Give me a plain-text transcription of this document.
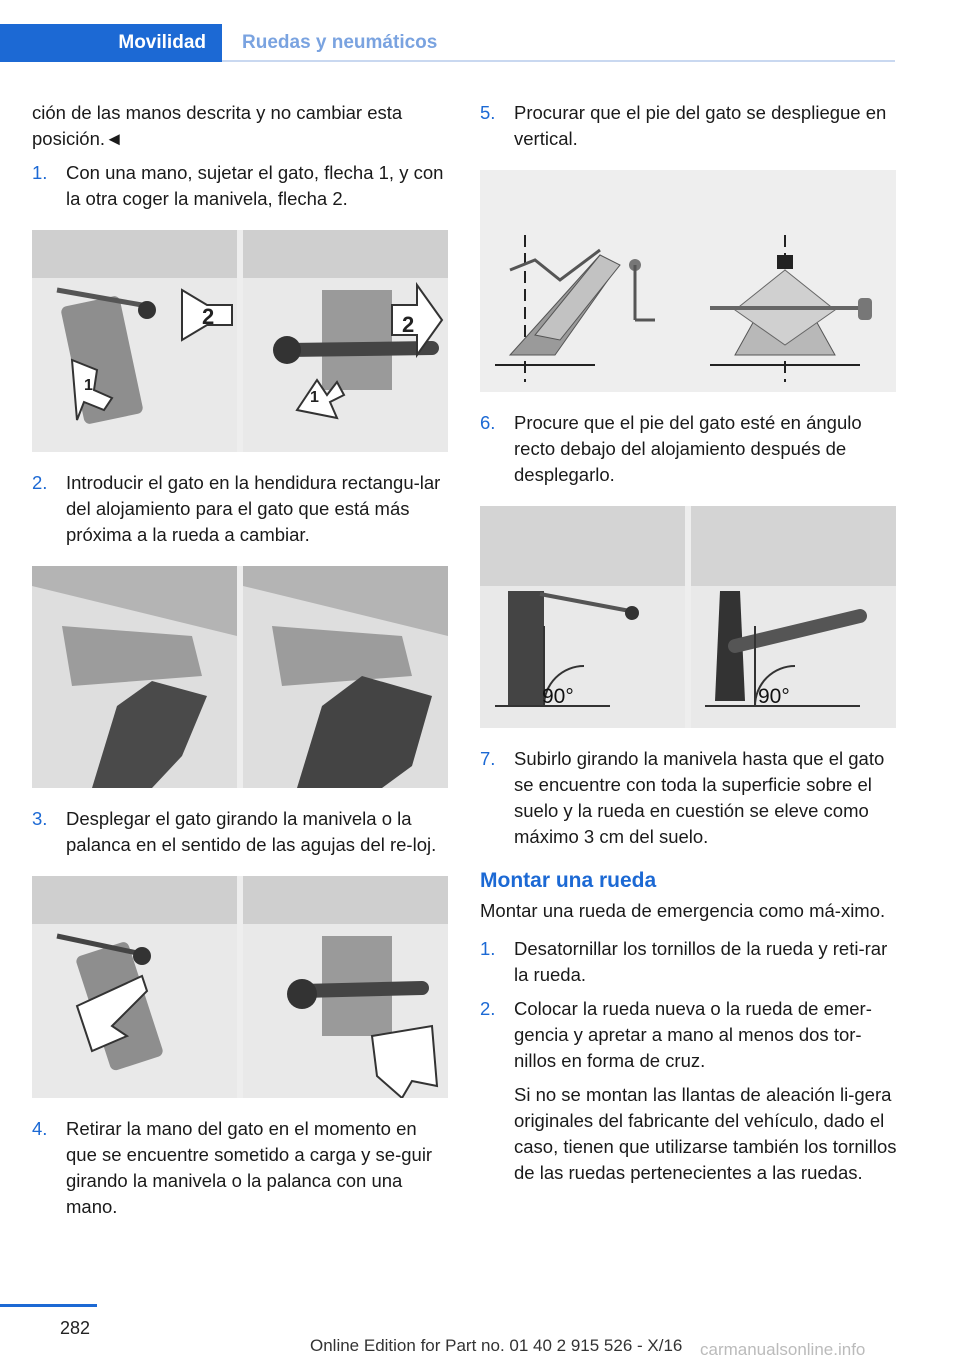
Movilidad	Ruedas y neumáticos

ción de las manos descrita y no cambiar esta posición.◄

1. Con una mano, sujetar el gato, flecha 1, y con la otra coger la manivela, flecha 2.

2
1
2
1
2. Introducir el gato en la hendidura rectangu‐lar del alojamiento para el gato que está más próxima a la rueda a cambiar.

3. Desplegar el gato girando la manivela o la palanca en el sentido de las agujas del re‐loj.

4. Retirar la mano del gato en el momento en que se encuentre sometido a carga y se‐guir girando la manivela o la palanca con una mano.

5. Procurar que el pie del gato se despliegue en vertical.

6. Procure que el pie del gato esté en ángulo recto debajo del alojamiento después de desplegarlo.

90°	90°
7. Subirlo girando la manivela hasta que el gato se encuentre con toda la superficie sobre el suelo y la rueda en cuestión se eleve como máximo 3 cm del suelo.

Montar una rueda

Montar una rueda de emergencia como má‐ximo.

1. Desatornillar los tornillos de la rueda y reti‐rar la rueda.

2. Colocar la rueda nueva o la rueda de emer‐gencia y apretar a mano al menos dos tor‐nillos en forma de cruz.

Si no se montan las llantas de aleación li‐gera originales del fabricante del vehículo, dado el caso, tienen que utilizarse también los tornillos de las ruedas pertenecientes a las ruedas.

282
Online Edition for Part no. 01 40 2 915 526 - X/16 carmanualsonline.info
